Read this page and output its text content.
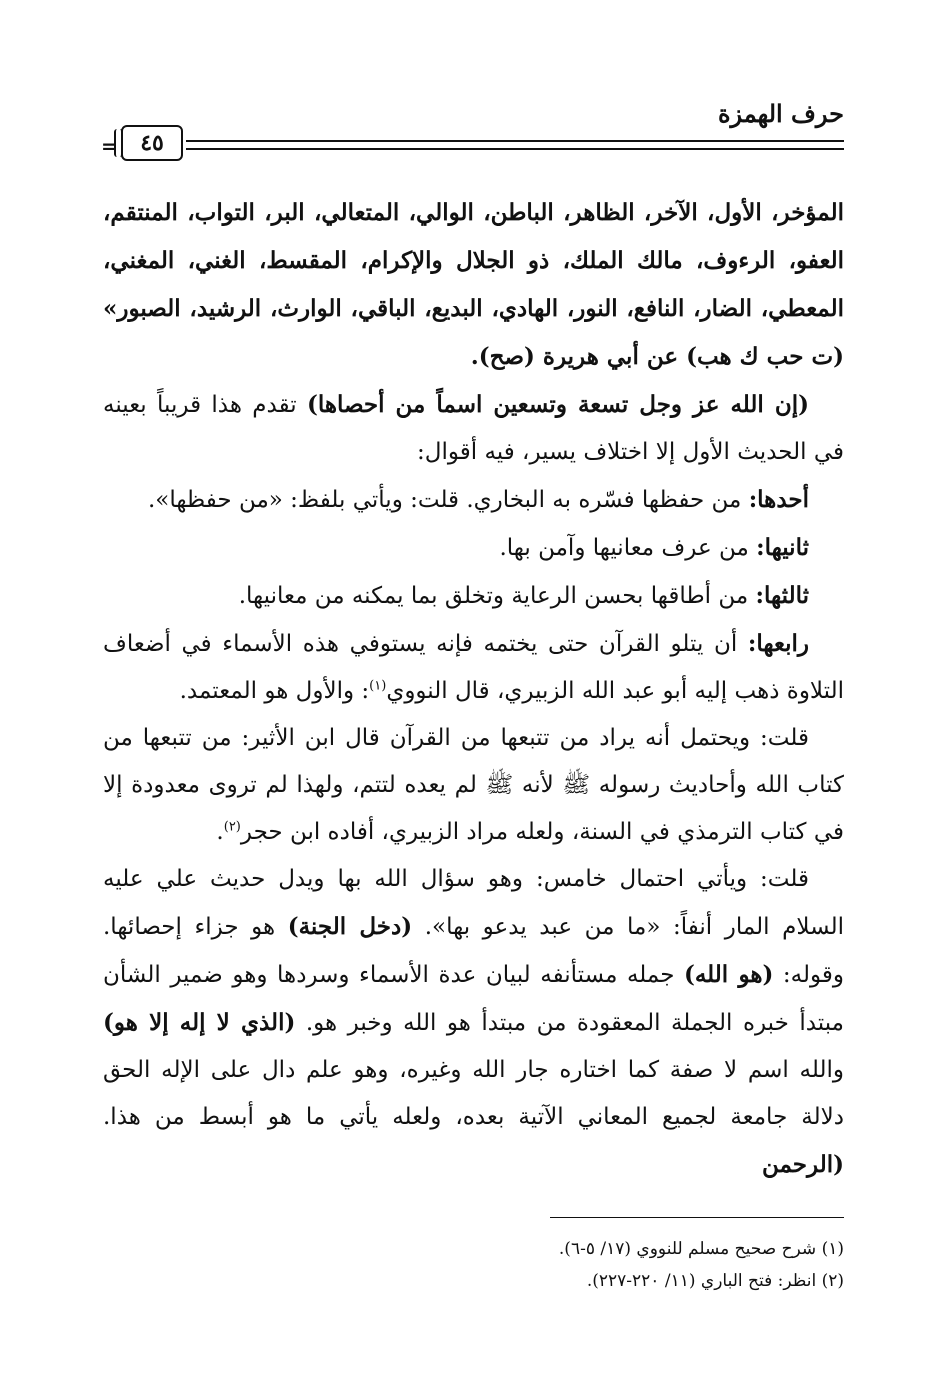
حرف الهمزة
=	٤٥

المؤخر، الأول، الآخر، الظاهر، الباطن، الوالي، المتعالي، البر، التواب، المنتقم، العفو، الرءوف، مالك الملك، ذو الجلال والإكرام، المقسط، الغني، المغني، المعطي، الضار، النافع، النور، الهادي، البديع، الباقي، الوارث، الرشيد، الصبور» (ت حب ك هب) عن أبي هريرة (صح).

(إن الله عز وجل تسعة وتسعين اسماً من أحصاها) تقدم هذا قريباً بعينه في الحديث الأول إلا اختلاف يسير، فيه أقوال:

أحدها: من حفظها فسّره به البخاري. قلت: ويأتي بلفظ: «من حفظها».

ثانيها: من عرف معانيها وآمن بها.

ثالثها: من أطاقها بحسن الرعاية وتخلق بما يمكنه من معانيها.

رابعها: أن يتلو القرآن حتى يختمه فإنه يستوفي هذه الأسماء في أضعاف التلاوة ذهب إليه أبو عبد الله الزبيري، قال النووي$^{(١)}$: والأول هو المعتمد.

قلت: ويحتمل أنه يراد من تتبعها من القرآن قال ابن الأثير: من تتبعها من كتاب الله وأحاديث رسوله ﷺ لأنه ﷺ لم يعده لتتم، ولهذا لم تروى معدودة إلا في كتاب الترمذي في السنة، ولعله مراد الزبيري، أفاده ابن حجر$^{(٢)}$.

قلت: ويأتي احتمال خامس: وهو سؤال الله بها ويدل حديث علي عليه السلام المار أنفاً: «ما من عبد يدعو بها». (دخل الجنة) هو جزاء إحصائها. وقوله: (هو الله) جمله مستأنفه لبيان عدة الأسماء وسردها وهو ضمير الشأن مبتدأ خبره الجملة المعقودة من مبتدأ هو الله وخبر هو. (الذي لا إله إلا هو) والله اسم لا صفة كما اختاره جار الله وغيره، وهو علم دال على الإله الحق دلالة جامعة لجميع المعاني الآتية بعده، ولعله يأتي ما هو أبسط من هذا. (الرحمن

(١) شرح صحيح مسلم للنووي (١٧/ ٥-٦).

(٢) انظر: فتح الباري (١١/ ٢٢٠-٢٢٧).
